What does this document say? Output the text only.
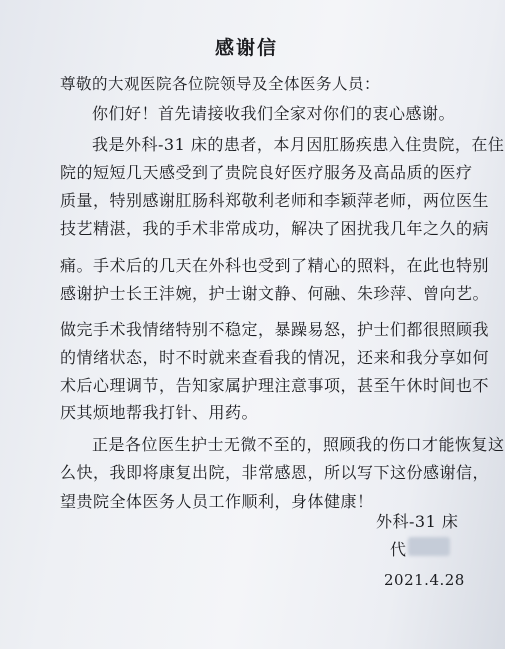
感谢信
尊敬的大观医院各位院领导及全体医务人员：
你们好！首先请接收我们全家对你们的衷心感谢。
我是外科-31 床的患者，本月因肛肠疾患入住贵院，在住
院的短短几天感受到了贵院良好医疗服务及高品质的医疗
质量，特别感谢肛肠科郑敬利老师和李颖萍老师，两位医生
技艺精湛，我的手术非常成功，解决了困扰我几年之久的病
痛。手术后的几天在外科也受到了精心的照料，在此也特别
感谢护士长王沣婉，护士谢文静、何融、朱珍萍、曾向艺。
做完手术我情绪特别不稳定，暴躁易怒，护士们都很照顾我
的情绪状态，时不时就来查看我的情况，还来和我分享如何
术后心理调节，告知家属护理注意事项，甚至午休时间也不
厌其烦地帮我打针、用药。
正是各位医生护士无微不至的，照顾我的伤口才能恢复这
么快，我即将康复出院，非常感恩，所以写下这份感谢信，
望贵院全体医务人员工作顺利，身体健康！
外科-31 床
代
2021.4.28
